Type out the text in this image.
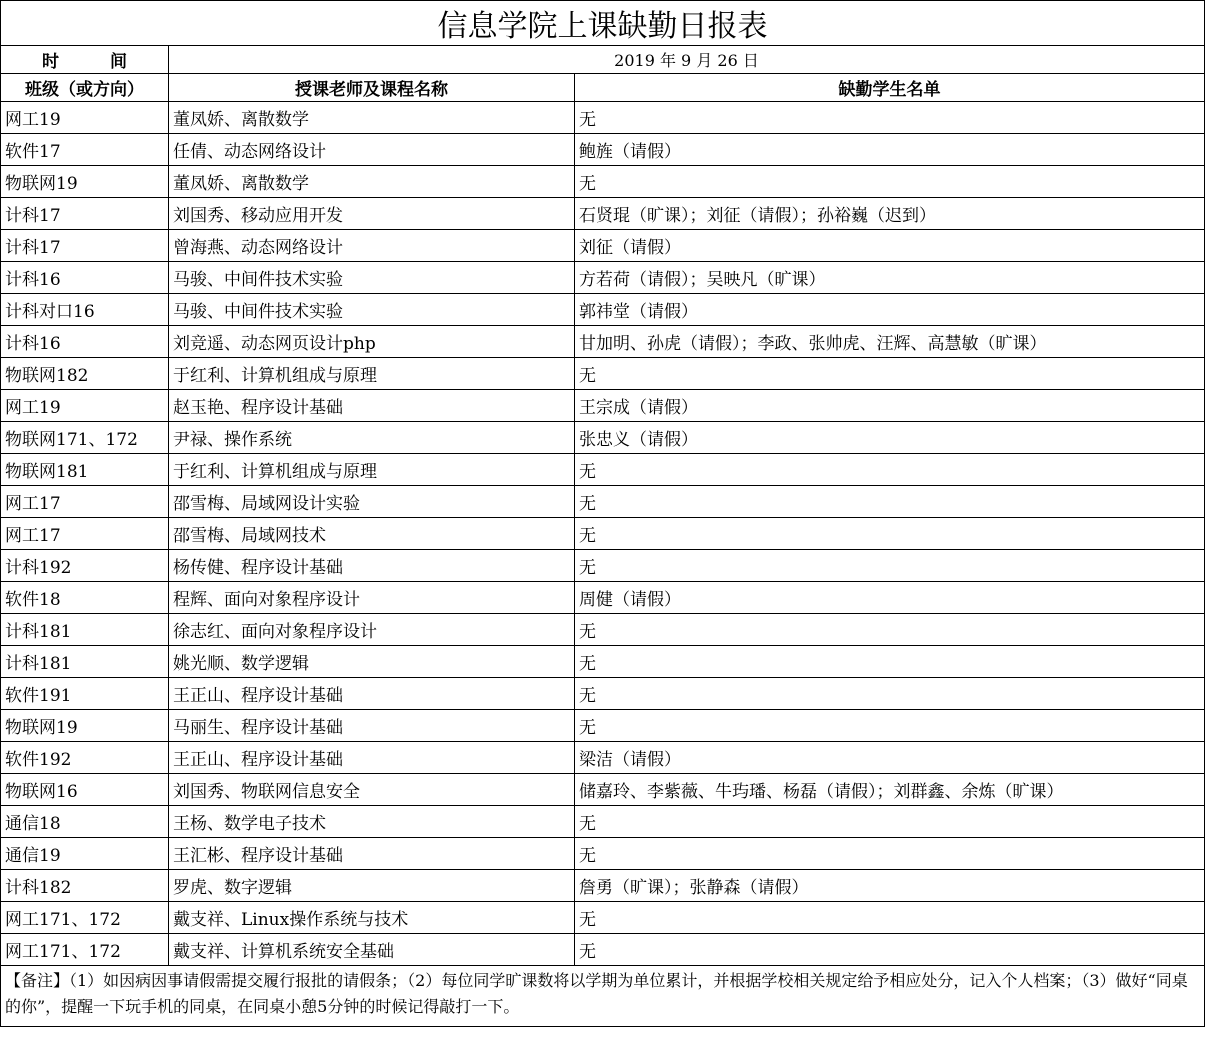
信息学院上课缺勤日报表		
时　　　间	2019 年 9 月 26 日	
班级（或方向）	授课老师及课程名称	缺勤学生名单
网工19	董凤娇、离散数学	无
软件17	任倩、动态网络设计	鲍旌（请假）
物联网19	董凤娇、离散数学	无
计科17	刘国秀、移动应用开发	石贤琨（旷课）；刘征（请假）；孙裕巍（迟到）
计科17	曾海燕、动态网络设计	刘征（请假）
计科16	马骏、中间件技术实验	方若荷（请假）；吴映凡（旷课）
计科对口16	马骏、中间件技术实验	郭祎堂（请假）
计科16	刘竞遥、动态网页设计php	甘加明、孙虎（请假）；李政、张帅虎、汪辉、高慧敏（旷课）
物联网182	于红利、计算机组成与原理	无
网工19	赵玉艳、程序设计基础	王宗成（请假）
物联网171、172	尹禄、操作系统	张忠义（请假）
物联网181	于红利、计算机组成与原理	无
网工17	邵雪梅、局域网设计实验	无
网工17	邵雪梅、局域网技术	无
计科192	杨传健、程序设计基础	无
软件18	程辉、面向对象程序设计	周健（请假）
计科181	徐志红、面向对象程序设计	无
计科181	姚光顺、数学逻辑	无
软件191	王正山、程序设计基础	无
物联网19	马丽生、程序设计基础	无
软件192	王正山、程序设计基础	梁洁（请假）
物联网16	刘国秀、物联网信息安全	储嘉玲、李紫薇、牛玙璠、杨磊（请假）；刘群鑫、余炼（旷课）
通信18	王杨、数学电子技术	无
通信19	王汇彬、程序设计基础	无
计科182	罗虎、数字逻辑	詹勇（旷课）；张静森（请假）
网工171、172	戴支祥、Linux操作系统与技术	无
网工171、172	戴支祥、计算机系统安全基础	无
【备注】（1）如因病因事请假需提交履行报批的请假条；（2）每位同学旷课数将以学期为单位累计，并根据学校相关规定给予相应处分，记入个人档案；（3）做好“同桌的你”，提醒一下玩手机的同桌，在同桌小憩5分钟的时候记得敲打一下。		
